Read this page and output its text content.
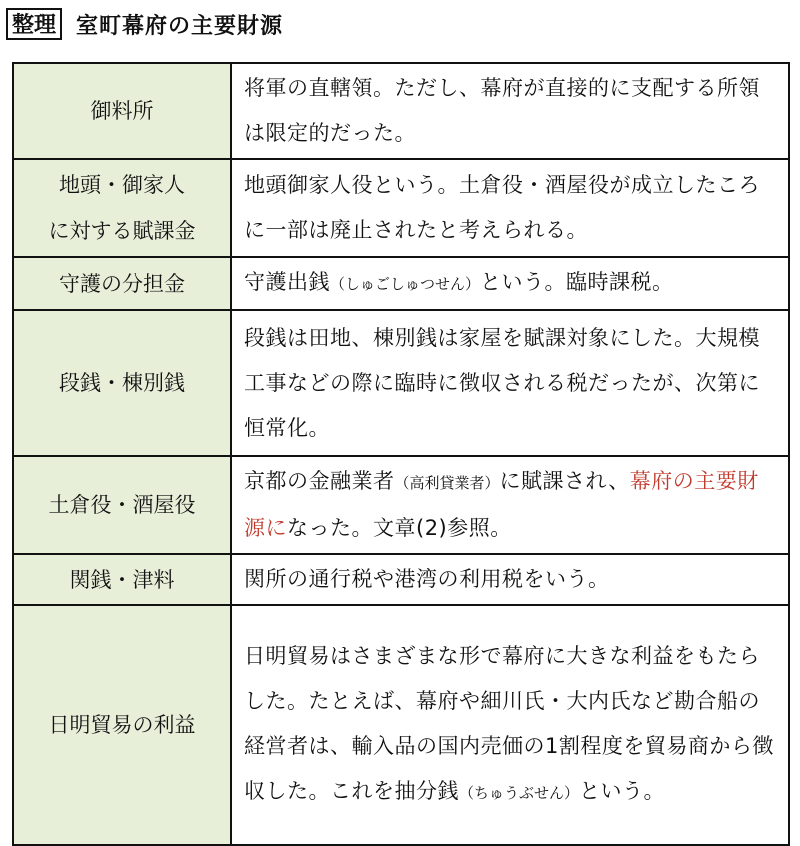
整理 室町幕府の主要財源
御料所	将軍の直轄領。ただし、幕府が直接的に支配する所領は限定的だった。

地頭・御家人
に対する賦課金	地頭御家人役という。土倉役・酒屋役が成立したころに一部は廃止されたと考えられる。
守護の分担金	守護出銭（しゅごしゅつせん）という。臨時課税。
段銭・棟別銭	段銭は田地、棟別銭は家屋を賦課対象にした。大規模工事などの際に臨時に徴収される税だったが、次第に恒常化。
土倉役・酒屋役	京都の金融業者（高利貸業者）に賦課され、幕府の主要財源になった。文章(2)参照。
関銭・津料	関所の通行税や港湾の利用税をいう。
日明貿易の利益	日明貿易はさまざまな形で幕府に大きな利益をもたらした。たとえば、幕府や細川氏・大内氏など勘合船の経営者は、輸入品の国内売価の1割程度を貿易商から徴収した。これを抽分銭（ちゅうぶせん）という。
